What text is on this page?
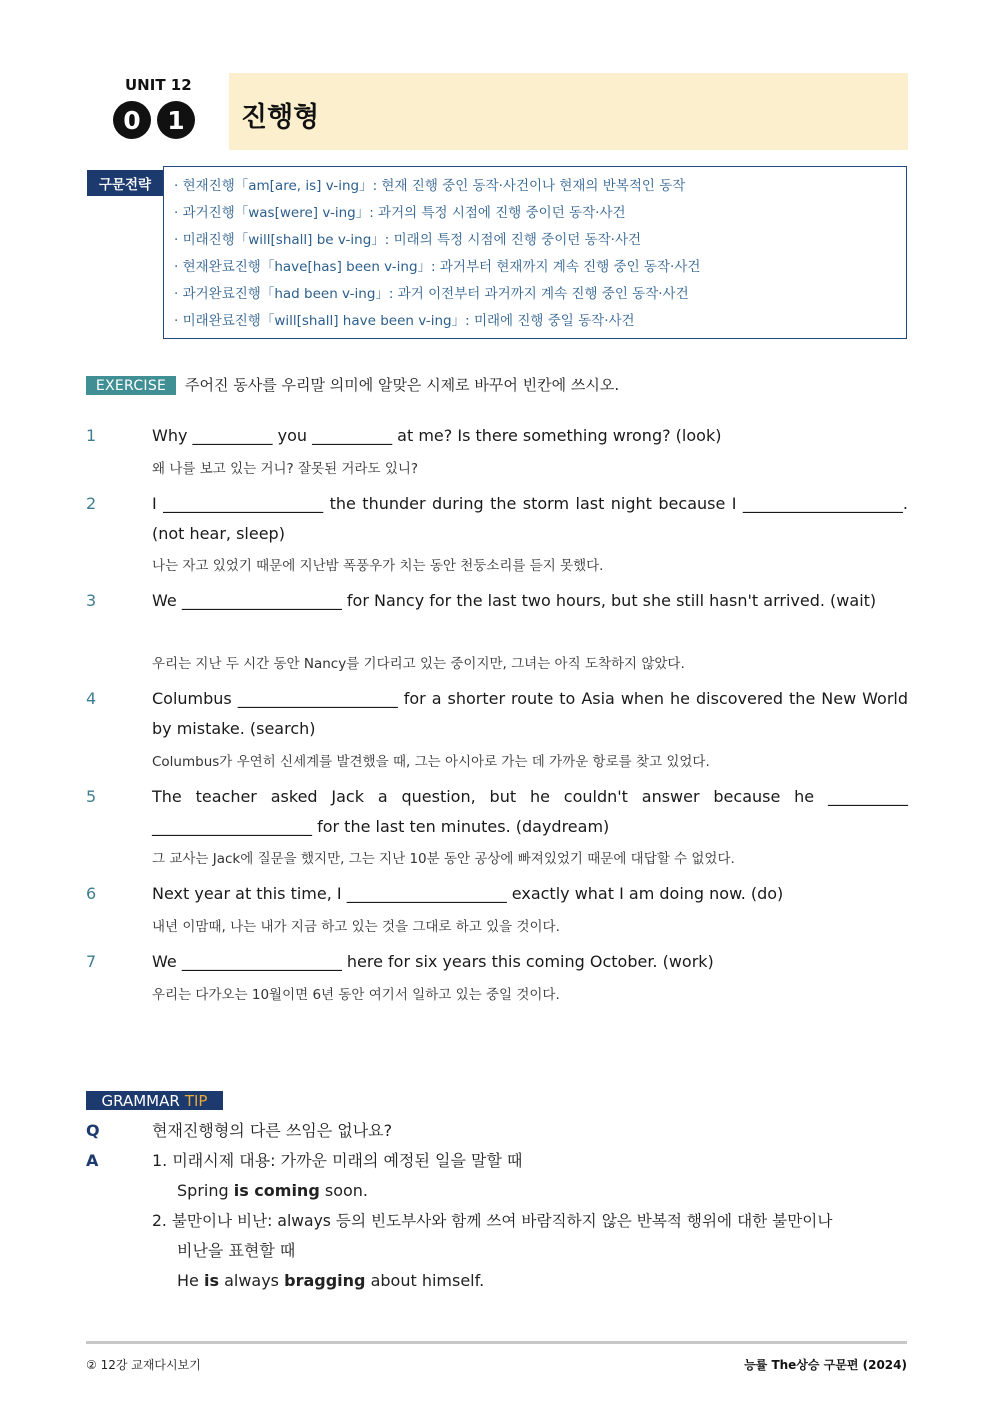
UNIT 12
0	1	진행형
구문전략	· 현재진행「am[are, is] v-ing」: 현재 진행 중인 동작·사건이나 현재의 반복적인 동작
· 과거진행「was[were] v-ing」: 과거의 특정 시점에 진행 중이던 동작·사건
· 미래진행「will[shall] be v-ing」: 미래의 특정 시점에 진행 중이던 동작·사건
· 현재완료진행「have[has] been v-ing」: 과거부터 현재까지 계속 진행 중인 동작·사건
· 과거완료진행「had been v-ing」: 과거 이전부터 과거까지 계속 진행 중인 동작·사건
· 미래완료진행「will[shall] have been v-ing」: 미래에 진행 중일 동작·사건
EXERCISE	주어진 동사를 우리말 의미에 알맞은 시제로 바꾸어 빈칸에 쓰시오.
1	Why __________ you __________ at me? Is there something wrong? (look)
왜 나를 보고 있는 거니? 잘못된 거라도 있니?
2	I ____________________ the thunder during the storm last night because I ____________________. (not hear, sleep)
나는 자고 있었기 때문에 지난밤 폭풍우가 치는 동안 천둥소리를 듣지 못했다.
3	We ____________________ for Nancy for the last two hours, but she still hasn't arrived. (wait)
우리는 지난 두 시간 동안 Nancy를 기다리고 있는 중이지만, 그녀는 아직 도착하지 않았다.
4	Columbus ____________________ for a shorter route to Asia when he discovered the New World by mistake. (search)
Columbus가 우연히 신세계를 발견했을 때, 그는 아시아로 가는 데 가까운 항로를 찾고 있었다.
5	The teacher asked Jack a question, but he couldn't answer because he __________ ____________________ for the last ten minutes. (daydream)
그 교사는 Jack에 질문을 했지만, 그는 지난 10분 동안 공상에 빠져있었기 때문에 대답할 수 없었다.
6	Next year at this time, I ____________________ exactly what I am doing now. (do)
내년 이맘때, 나는 내가 지금 하고 있는 것을 그대로 하고 있을 것이다.
7	We ____________________ here for six years this coming October. (work)
우리는 다가오는 10월이면 6년 동안 여기서 일하고 있는 중일 것이다.
GRAMMAR TIP
Q	현재진행형의 다른 쓰임은 없나요?
A	1. 미래시제 대용: 가까운 미래의 예정된 일을 말할 때
Spring is coming soon.
2. 불만이나 비난: always 등의 빈도부사와 함께 쓰여 바람직하지 않은 반복적 행위에 대한 불만이나
비난을 표현할 때
He is always bragging about himself.
② 12강 교재다시보기	능률 The상승 구문편 (2024)
